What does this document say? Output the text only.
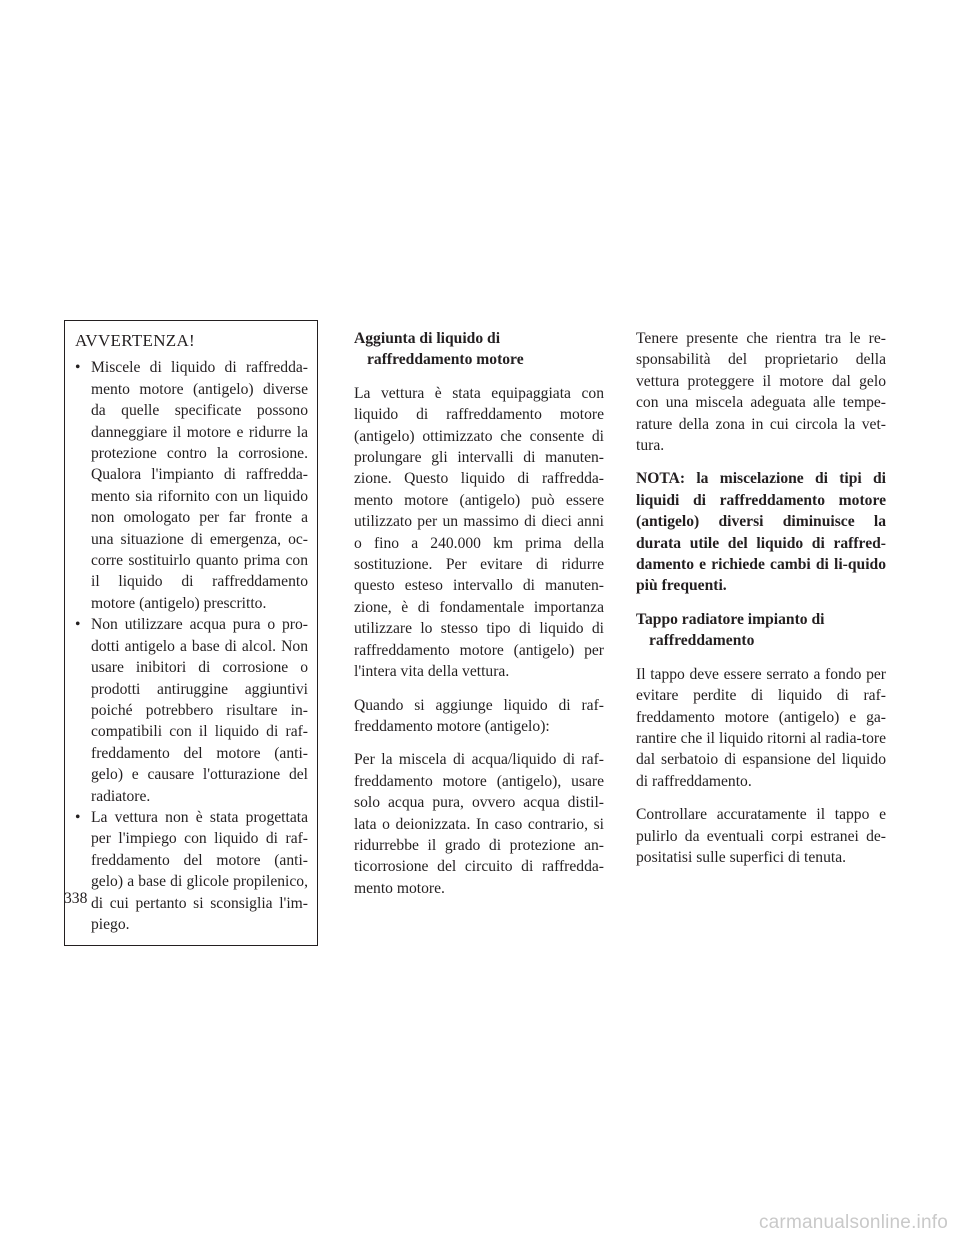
AVVERTENZA!
• Miscele di liquido di raffredda-mento motore (antigelo) diverse da quelle specificate possono danneggiare il motore e ridurre la protezione contro la corrosione. Qualora l'impianto di raffredda-mento sia rifornito con un liquido non omologato per far fronte a una situazione di emergenza, oc-corre sostituirlo quanto prima con il liquido di raffreddamento motore (antigelo) prescritto.
• Non utilizzare acqua pura o pro-dotti antigelo a base di alcol. Non usare inibitori di corrosione o prodotti antiruggine aggiuntivi poiché potrebbero risultare in-compatibili con il liquido di raf-freddamento del motore (anti-gelo) e causare l'otturazione del radiatore.
• La vettura non è stata progettata per l'impiego con liquido di raf-freddamento del motore (anti-gelo) a base di glicole propilenico, di cui pertanto si sconsiglia l'im-piego.
Aggiunta di liquido di
raffreddamento motore

La vettura è stata equipaggiata con liquido di raffreddamento motore (antigelo) ottimizzato che consente di prolungare gli intervalli di manuten-zione. Questo liquido di raffredda-mento motore (antigelo) può essere utilizzato per un massimo di dieci anni o fino a 240.000 km prima della sostituzione. Per evitare di ridurre questo esteso intervallo di manuten-zione, è di fondamentale importanza utilizzare lo stesso tipo di liquido di raffreddamento motore (antigelo) per l'intera vita della vettura.

Quando si aggiunge liquido di raf-freddamento motore (antigelo):

Per la miscela di acqua/liquido di raf-freddamento motore (antigelo), usare solo acqua pura, ovvero acqua distil-lata o deionizzata. In caso contrario, si ridurrebbe il grado di protezione an-ticorrosione del circuito di raffredda-mento motore.

Tenere presente che rientra tra le re-sponsabilità del proprietario della vettura proteggere il motore dal gelo con una miscela adeguata alle tempe-rature della zona in cui circola la vet-tura.

NOTA: la miscelazione di tipi di liquidi di raffreddamento motore (antigelo) diversi diminuisce la durata utile del liquido di raffred-damento e richiede cambi di li-quido più frequenti.

Tappo radiatore impianto di
raffreddamento

Il tappo deve essere serrato a fondo per evitare perdite di liquido di raf-freddamento motore (antigelo) e ga-rantire che il liquido ritorni al radia-tore dal serbatoio di espansione del liquido di raffreddamento.

Controllare accuratamente il tappo e pulirlo da eventuali corpi estranei de-positatisi sulle superfici di tenuta.

338
carmanualsonline.info
